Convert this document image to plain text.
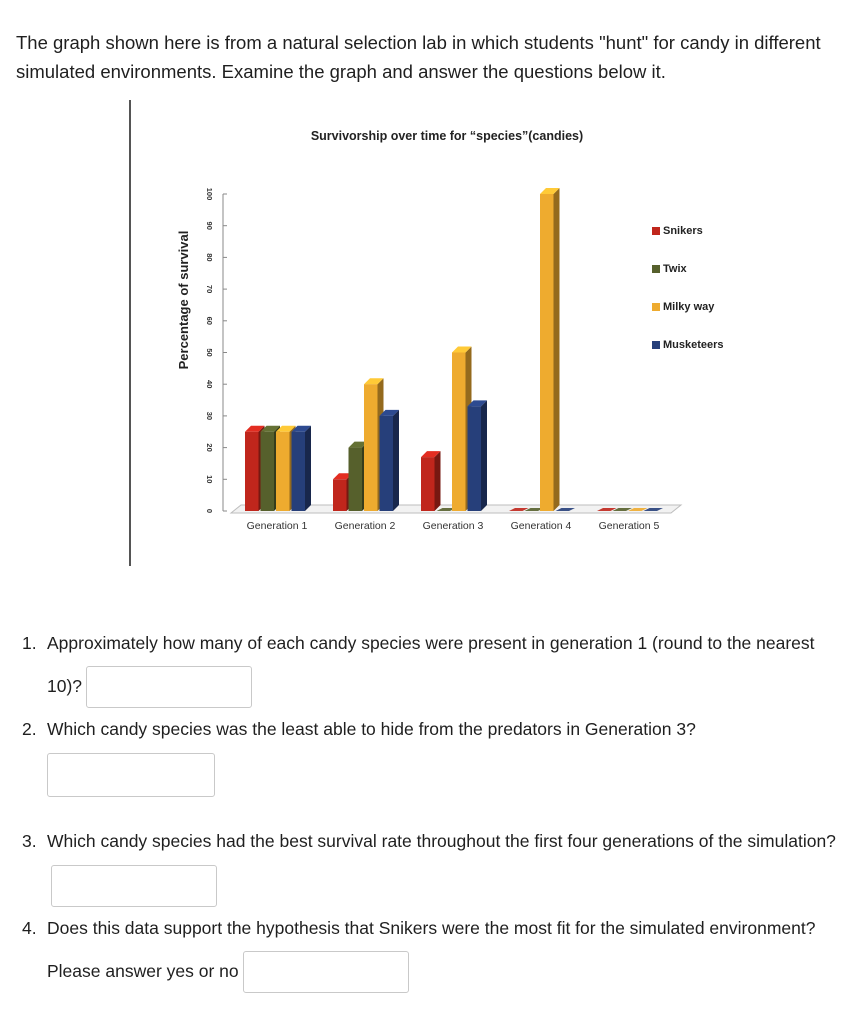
The graph shown here is from a natural selection lab in which students "hunt" for candy in different simulated environments. Examine the graph and answer the questions below it.

Survivorship over time for “species”(candies)
Percentage of survival
0
10
20
30
40
50
60
70
80
90
100
Generation 1	Generation 2	Generation 3	Generation 4	Generation 5
Snikers
Twix
Milky way
Musketeers
1. Approximately how many of each candy species were present in generation 1 (round to the nearest 10)?
2. Which candy species was the least able to hide from the predators in Generation 3?
3. Which candy species had the best survival rate throughout the first four generations of the simulation?
4. Does this data support the hypothesis that Snikers were the most fit for the simulated environment? Please answer yes or no
